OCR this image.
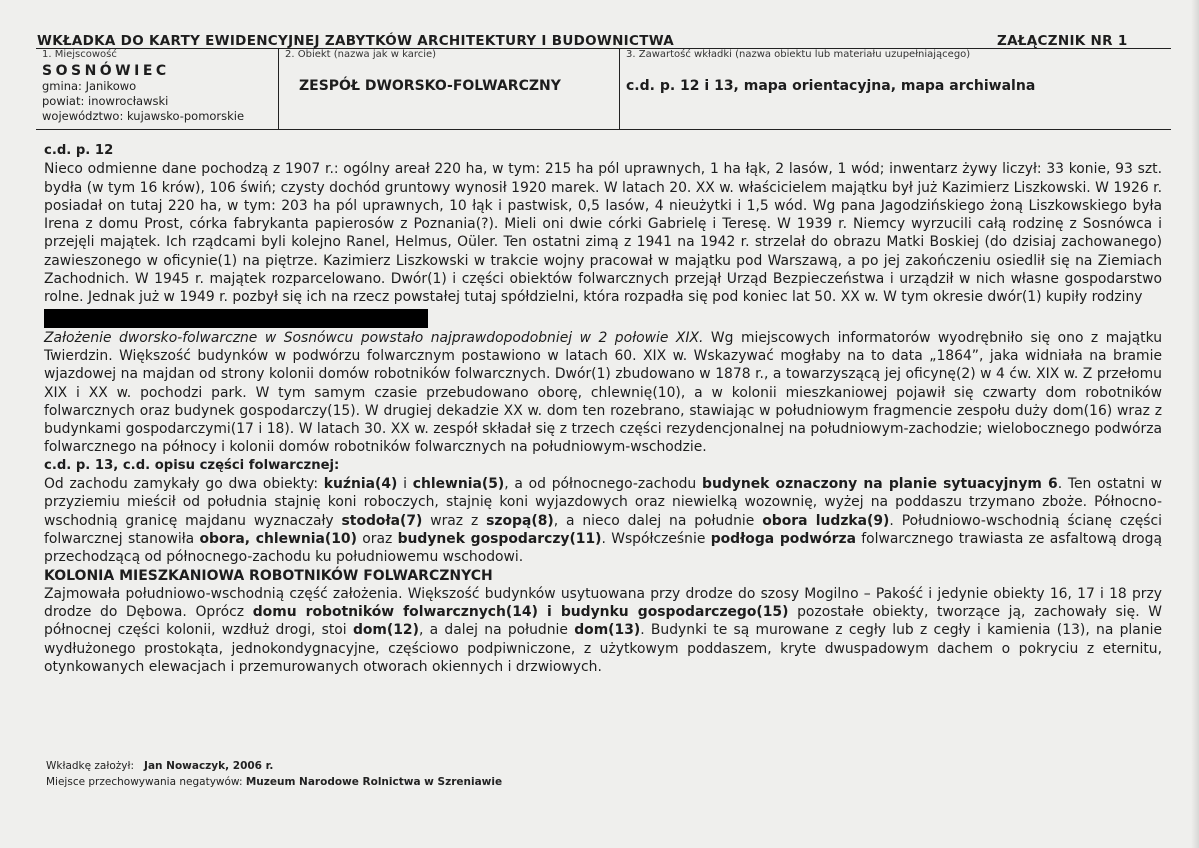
WKŁADKA DO KARTY EWIDENCYJNEJ ZABYTKÓW ARCHITEKTURY I BUDOWNICTWA	ZAŁĄCZNIK NR 1
1. Miejscowość
SOSNÓWIEC
gmina: Janikowo
powiat: inowrocławski
województwo: kujawsko-pomorskie
2. Obiekt (nazwa jak w karcie)
ZESPÓŁ DWORSKO-FOLWARCZNY
3. Zawartość wkładki (nazwa obiektu lub materiału uzupełniającego)
c.d. p. 12 i 13, mapa orientacyjna, mapa archiwalna
c.d. p. 12

Nieco odmienne dane pochodzą z 1907 r.: ogólny areał 220 ha, w tym: 215 ha pól uprawnych, 1 ha łąk, 2 lasów, 1 wód; inwentarz żywy liczył: 33 konie, 93 szt. bydła (w tym 16 krów), 106 świń; czysty dochód gruntowy wynosił 1920 marek. W latach 20. XX w. właścicielem majątku był już Kazimierz Liszkowski. W 1926 r. posiadał on tutaj 220 ha, w tym: 203 ha pól uprawnych, 10 łąk i pastwisk, 0,5 lasów, 4 nieużytki i 1,5 wód. Wg pana Jagodzińskiego żoną Liszkowskiego była Irena z domu Prost, córka fabrykanta papierosów z Poznania(?). Mieli oni dwie córki Gabrielę i Teresę. W 1939 r. Niemcy wyrzucili całą rodzinę z Sosnówca i przejęli majątek. Ich rządcami byli kolejno Ranel, Helmus, Oüler. Ten ostatni zimą z 1941 na 1942 r. strzelał do obrazu Matki Boskiej (do dzisiaj zachowanego) zawieszonego w oficynie(1) na piętrze. Kazimierz Liszkowski w trakcie wojny pracował w majątku pod Warszawą, a po jej zakończeniu osiedlił się na Ziemiach Zachodnich. W 1945 r. majątek rozparcelowano. Dwór(1) i części obiektów folwarcznych przejął Urząd Bezpieczeństwa i urządził w nich własne gospodarstwo rolne. Jednak już w 1949 r. pozbył się ich na rzecz powstałej tutaj spółdzielni, która rozpadła się pod koniec lat 50. XX w. W tym okresie dwór(1) kupiły rodziny

Założenie dworsko-folwarczne w Sosnówcu powstało najprawdopodobniej w 2 połowie XIX. Wg miejscowych informatorów wyodrębniło się ono z majątku Twierdzin. Większość budynków w podwórzu folwarcznym postawiono w latach 60. XIX w. Wskazywać mogłaby na to data „1864”, jaka widniała na bramie wjazdowej na majdan od strony kolonii domów robotników folwarcznych. Dwór(1) zbudowano w 1878 r., a towarzyszącą jej oficynę(2) w 4 ćw. XIX w. Z przełomu XIX i XX w. pochodzi park. W tym samym czasie przebudowano oborę, chlewnię(10), a w kolonii mieszkaniowej pojawił się czwarty dom robotników folwarcznych oraz budynek gospodarczy(15). W drugiej dekadzie XX w. dom ten rozebrano, stawiając w południowym fragmencie zespołu duży dom(16) wraz z budynkami gospodarczymi(17 i 18). W latach 30. XX w. zespół składał się z trzech części rezydencjonalnej na południowym-zachodzie; wielobocznego podwórza folwarcznego na północy i kolonii domów robotników folwarcznych na południowym-wschodzie.

c.d. p. 13, c.d. opisu części folwarcznej:

Od zachodu zamykały go dwa obiekty: kuźnia(4) i chlewnia(5), a od północnego-zachodu budynek oznaczony na planie sytuacyjnym 6. Ten ostatni w przyziemiu mieścił od południa stajnię koni roboczych, stajnię koni wyjazdowych oraz niewielką wozownię, wyżej na poddaszu trzymano zboże. Północno-wschodnią granicę majdanu wyznaczały stodoła(7) wraz z szopą(8), a nieco dalej na południe obora ludzka(9). Południowo-wschodnią ścianę części folwarcznej stanowiła obora, chlewnia(10) oraz budynek gospodarczy(11). Współcześnie podłoga podwórza folwarcznego trawiasta ze asfaltową drogą przechodzącą od północnego-zachodu ku południowemu wschodowi.

KOLONIA MIESZKANIOWA ROBOTNIKÓW FOLWARCZNYCH

Zajmowała południowo-wschodnią część założenia. Większość budynków usytuowana przy drodze do szosy Mogilno – Pakość i jedynie obiekty 16, 17 i 18 przy drodze do Dębowa. Oprócz domu robotników folwarcznych(14) i budynku gospodarczego(15) pozostałe obiekty, tworzące ją, zachowały się. W północnej części kolonii, wzdłuż drogi, stoi dom(12), a dalej na południe dom(13). Budynki te są murowane z cegły lub z cegły i kamienia (13), na planie wydłużonego prostokąta, jednokondygnacyjne, częściowo podpiwniczone, z użytkowym poddaszem, kryte dwuspadowym dachem o pokryciu z eternitu, otynkowanych elewacjach i przemurowanych otworach okiennych i drzwiowych.

Wkładkę założył: Jan Nowaczyk, 2006 r.
Miejsce przechowywania negatywów: Muzeum Narodowe Rolnictwa w Szreniawie
